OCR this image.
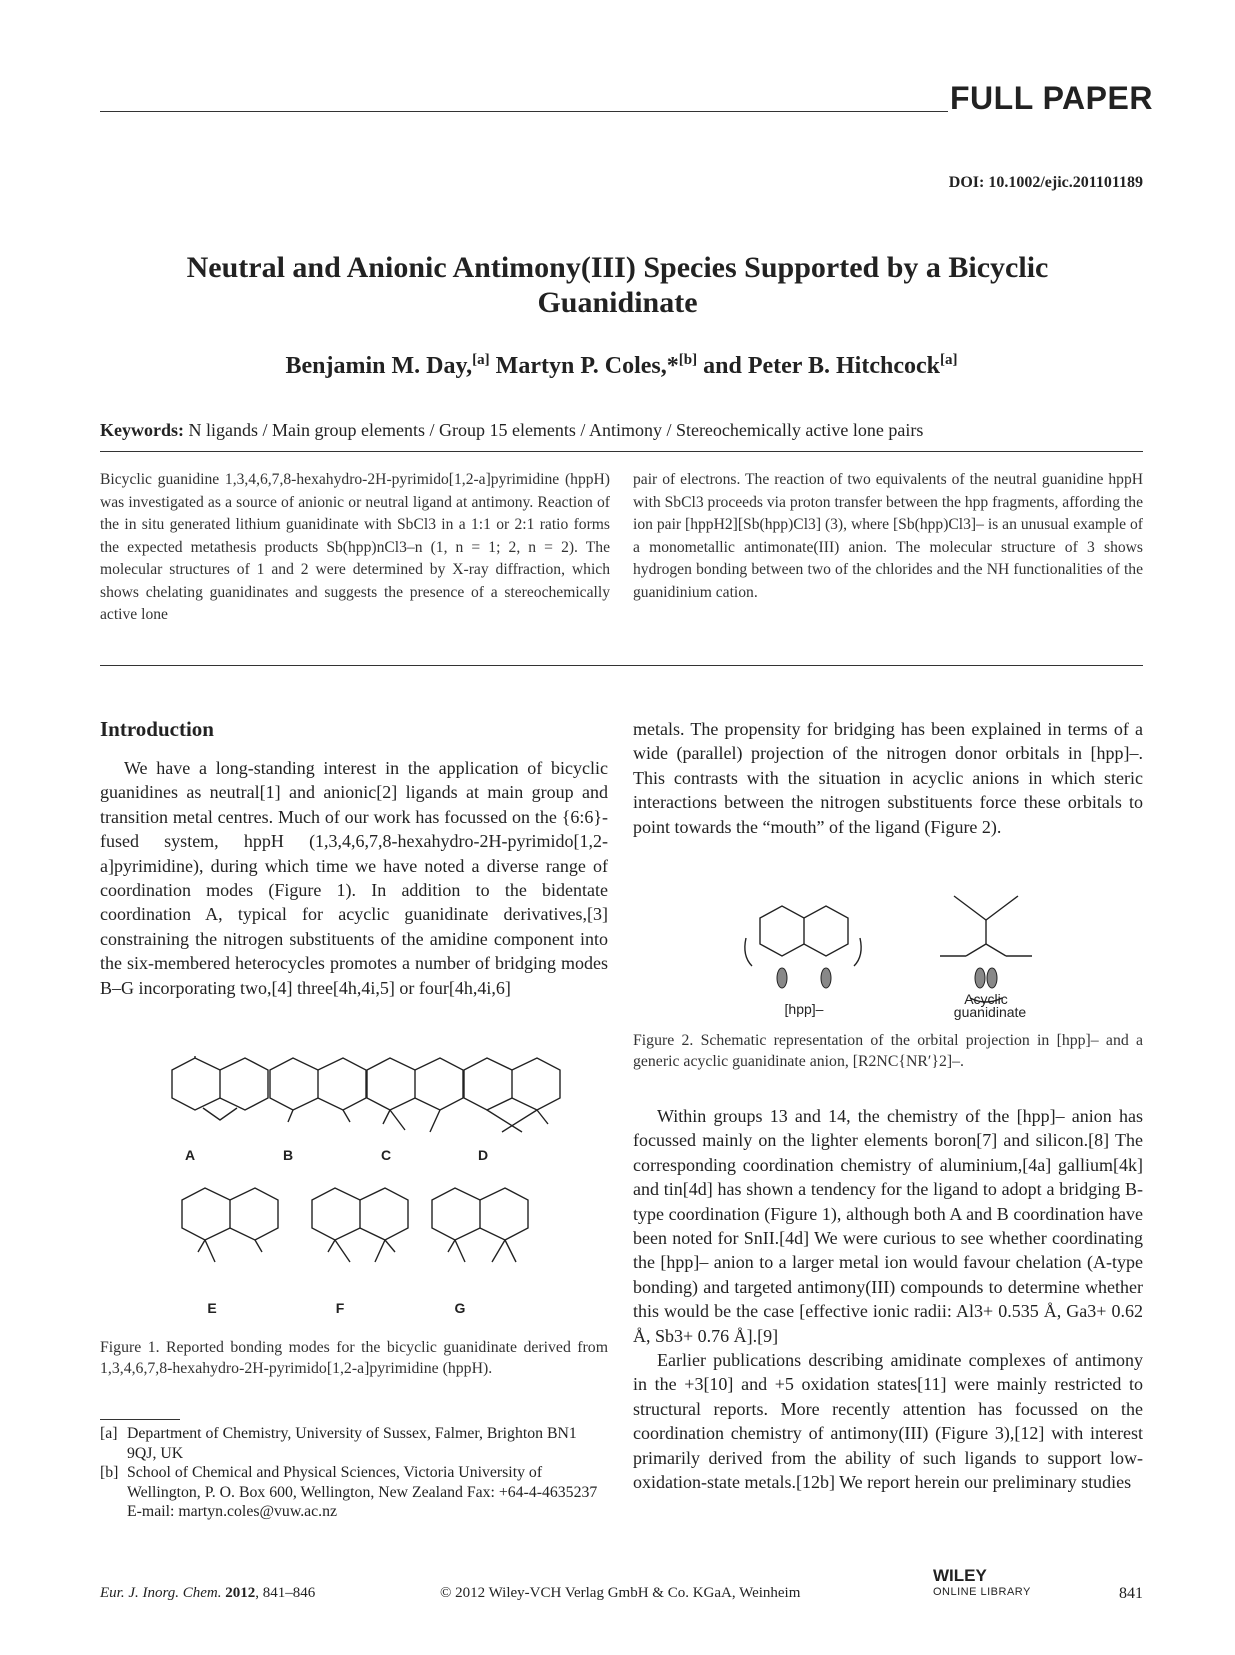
FULL PAPER
DOI: 10.1002/ejic.201101189
Neutral and Anionic Antimony(III) Species Supported by a Bicyclic Guanidinate
Benjamin M. Day,[a] Martyn P. Coles,*[b] and Peter B. Hitchcock[a]
Keywords: N ligands / Main group elements / Group 15 elements / Antimony / Stereochemically active lone pairs
Bicyclic guanidine 1,3,4,6,7,8-hexahydro-2H-pyrimido[1,2-a]pyrimidine (hppH) was investigated as a source of anionic or neutral ligand at antimony. Reaction of the in situ generated lithium guanidinate with SbCl3 in a 1:1 or 2:1 ratio forms the expected metathesis products Sb(hpp)nCl3–n (1, n = 1; 2, n = 2). The molecular structures of 1 and 2 were determined by X-ray diffraction, which shows chelating guanidinates and suggests the presence of a stereochemically active lone
pair of electrons. The reaction of two equivalents of the neutral guanidine hppH with SbCl3 proceeds via proton transfer between the hpp fragments, affording the ion pair [hppH2][Sb(hpp)Cl3] (3), where [Sb(hpp)Cl3]– is an unusual example of a monometallic antimonate(III) anion. The molecular structure of 3 shows hydrogen bonding between two of the chlorides and the NH functionalities of the guanidinium cation.
Introduction
We have a long-standing interest in the application of bicyclic guanidines as neutral[1] and anionic[2] ligands at main group and transition metal centres. Much of our work has focussed on the {6:6}-fused system, hppH (1,3,4,6,7,8-hexahydro-2H-pyrimido[1,2-a]pyrimidine), during which time we have noted a diverse range of coordination modes (Figure 1). In addition to the bidentate coordination A, typical for acyclic guanidinate derivatives,[3] constraining the nitrogen substituents of the amidine component into the six-membered heterocycles promotes a number of bridging modes B–G incorporating two,[4] three[4h,4i,5] or four[4h,4i,6]
A	B	C	D
E	F	G
Figure 1. Reported bonding modes for the bicyclic guanidinate derived from 1,3,4,6,7,8-hexahydro-2H-pyrimido[1,2-a]pyrimidine (hppH).
[a] Department of Chemistry, University of Sussex, Falmer, Brighton BN1 9QJ, UK
[b] School of Chemical and Physical Sciences, Victoria University of Wellington, P. O. Box 600, Wellington, New Zealand Fax: +64-4-4635237 E-mail: martyn.coles@vuw.ac.nz

metals. The propensity for bridging has been explained in terms of a wide (parallel) projection of the nitrogen donor orbitals in [hpp]–. This contrasts with the situation in acyclic anions in which steric interactions between the nitrogen substituents force these orbitals to point towards the “mouth” of the ligand (Figure 2).

[hpp]–
Acyclic
guanidinate
Figure 2. Schematic representation of the orbital projection in [hpp]– and a generic acyclic guanidinate anion, [R2NC{NR′}2]–.

Within groups 13 and 14, the chemistry of the [hpp]– anion has focussed mainly on the lighter elements boron[7] and silicon.[8] The corresponding coordination chemistry of aluminium,[4a] gallium[4k] and tin[4d] has shown a tendency for the ligand to adopt a bridging B-type coordination (Figure 1), although both A and B coordination have been noted for SnII.[4d] We were curious to see whether coordinating the [hpp]– anion to a larger metal ion would favour chelation (A-type bonding) and targeted antimony(III) compounds to determine whether this would be the case [effective ionic radii: Al3+ 0.535 Å, Ga3+ 0.62 Å, Sb3+ 0.76 Å].[9]

Earlier publications describing amidinate complexes of antimony in the +3[10] and +5 oxidation states[11] were mainly restricted to structural reports. More recently attention has focussed on the coordination chemistry of antimony(III) (Figure 3),[12] with interest primarily derived from the ability of such ligands to support low-oxidation-state metals.[12b] We report herein our preliminary studies

Eur. J. Inorg. Chem. 2012, 841–846	© 2012 Wiley-VCH Verlag GmbH & Co. KGaA, Weinheim
WILEY
ONLINE LIBRARY	841
